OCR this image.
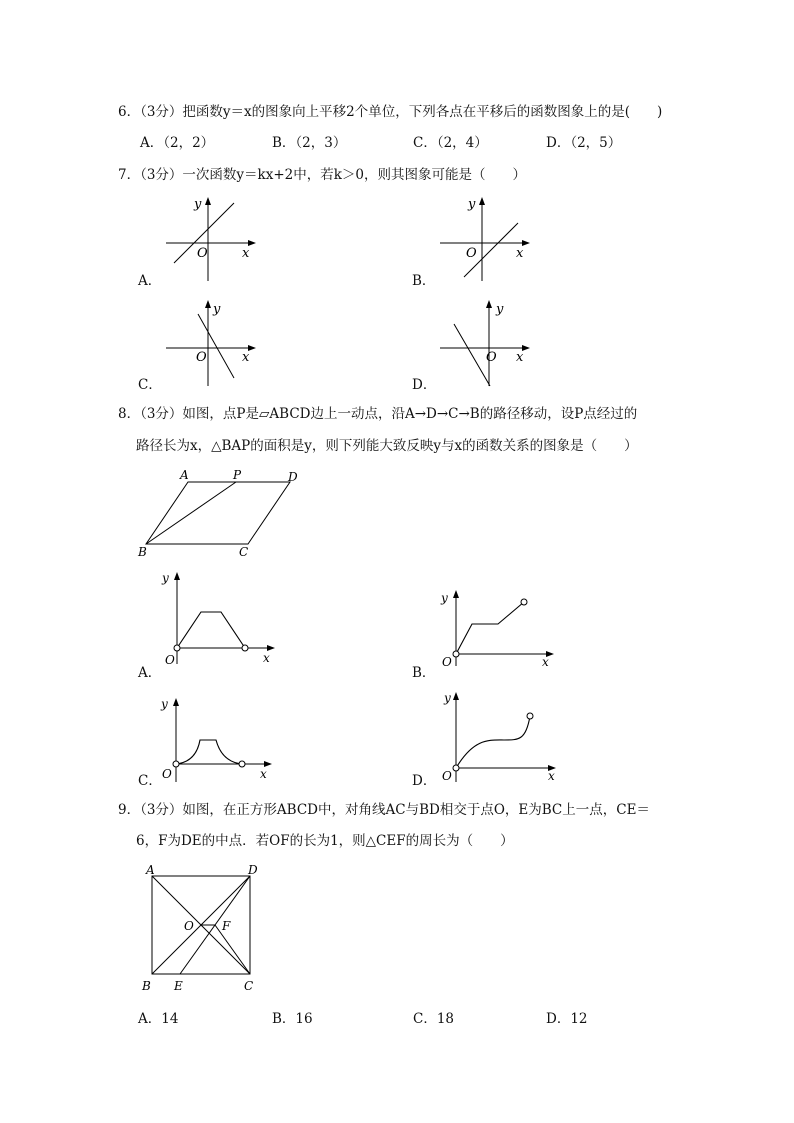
6．（3分）把函数y＝x的图象向上平移2个单位，下列各点在平移后的函数图象上的是(　　)
A．（2，2）	B．（2，3）	C．（2，4）	D．（2，5）
7．（3分）一次函数y＝kx+2中，若k＞0，则其图象可能是（　　）
O	x
y
A．
O	x
y
B．
O	x
y
C．
O x
y
D．
8．（3分）如图，点P是▱ABCD边上一动点，沿A→D→C→B的路径移动，设P点经过的
路径长为x，△BAP的面积是y，则下列能大致反映y与x的函数关系的图象是（　　）
A	P	D
B	C
O	x
y
A．
O	x
y
B．
O	x
y
C．	O	x
y
D．
9．（3分）如图，在正方形ABCD中，对角线AC与BD相交于点O，E为BC上一点，CE＝
6，F为DE的中点．若OF的长为1，则△CEF的周长为（　　）
A	D
O F
B E	C
A．14	B．16	C．18	D．12
